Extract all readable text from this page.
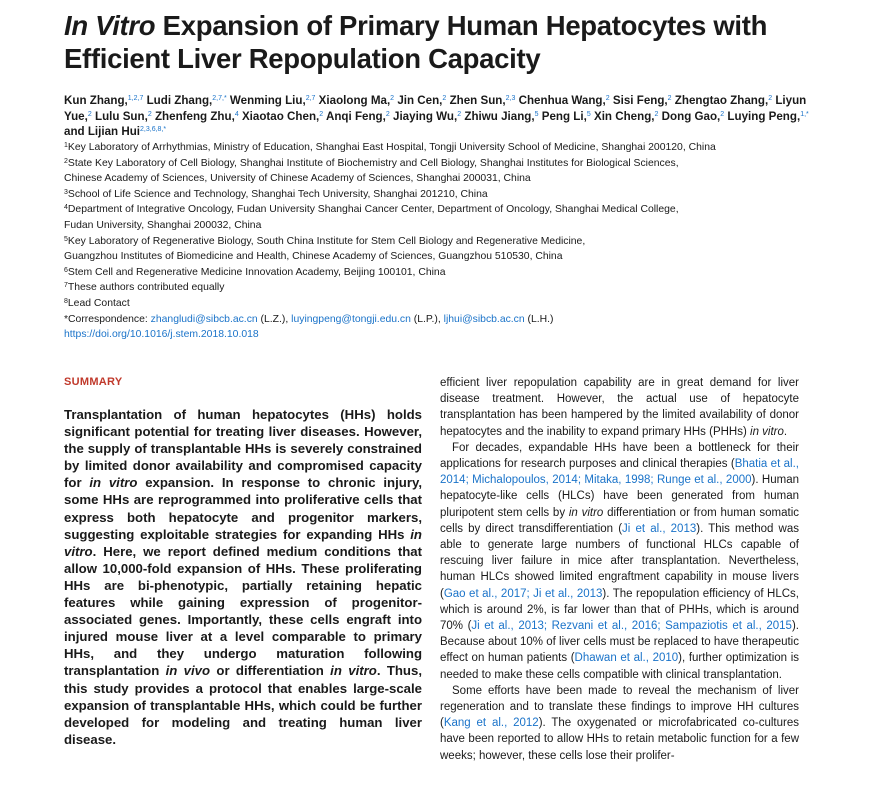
In Vitro Expansion of Primary Human Hepatocytes with Efficient Liver Repopulation Capacity
Kun Zhang,$^{1,2,7}$ Ludi Zhang,$^{2,7,*}$ Wenming Liu,$^{2,7}$ Xiaolong Ma,$^2$ Jin Cen,$^2$ Zhen Sun,$^{2,3}$ Chenhua Wang,$^2$ Sisi Feng,$^2$ Zhengtao Zhang,$^2$ Liyun Yue,$^2$ Lulu Sun,$^2$ Zhenfeng Zhu,$^4$ Xiaotao Chen,$^2$ Anqi Feng,$^2$ Jiaying Wu,$^2$ Zhiwu Jiang,$^5$ Peng Li,$^5$ Xin Cheng,$^2$ Dong Gao,$^2$ Luying Peng,$^{1,*}$ and Lijian Hui$^{2,3,6,8,*}$
$^1$Key Laboratory of Arrhythmias, Ministry of Education, Shanghai East Hospital, Tongji University School of Medicine, Shanghai 200120, China
$^2$State Key Laboratory of Cell Biology, Shanghai Institute of Biochemistry and Cell Biology, Shanghai Institutes for Biological Sciences,
Chinese Academy of Sciences, University of Chinese Academy of Sciences, Shanghai 200031, China
$^3$School of Life Science and Technology, Shanghai Tech University, Shanghai 201210, China
$^4$Department of Integrative Oncology, Fudan University Shanghai Cancer Center, Department of Oncology, Shanghai Medical College,
Fudan University, Shanghai 200032, China
$^5$Key Laboratory of Regenerative Biology, South China Institute for Stem Cell Biology and Regenerative Medicine,
Guangzhou Institutes of Biomedicine and Health, Chinese Academy of Sciences, Guangzhou 510530, China
$^6$Stem Cell and Regenerative Medicine Innovation Academy, Beijing 100101, China
$^7$These authors contributed equally
$^8$Lead Contact
*Correspondence: zhangludi@sibcb.ac.cn (L.Z.), luyingpeng@tongji.edu.cn (L.P.), ljhui@sibcb.ac.cn (L.H.)
https://doi.org/10.1016/j.stem.2018.10.018
SUMMARY
Transplantation of human hepatocytes (HHs) holds significant potential for treating liver diseases. However, the supply of transplantable HHs is severely constrained by limited donor availability and compromised capacity for in vitro expansion. In response to chronic injury, some HHs are reprogrammed into proliferative cells that express both hepatocyte and progenitor markers, suggesting exploitable strategies for expanding HHs in vitro. Here, we report defined medium conditions that allow 10,000-fold expansion of HHs. These proliferating HHs are bi-phenotypic, partially retaining hepatic features while gaining expression of progenitor-associated genes. Importantly, these cells engraft into injured mouse liver at a level comparable to primary HHs, and they undergo maturation following transplantation in vivo or differentiation in vitro. Thus, this study provides a protocol that enables large-scale expansion of transplantable HHs, which could be further developed for modeling and treating human liver disease.

efficient liver repopulation capability are in great demand for liver disease treatment. However, the actual use of hepatocyte transplantation has been hampered by the limited availability of donor hepatocytes and the inability to expand primary HHs (PHHs) in vitro.

For decades, expandable HHs have been a bottleneck for their applications for research purposes and clinical therapies (Bhatia et al., 2014; Michalopoulos, 2014; Mitaka, 1998; Runge et al., 2000). Human hepatocyte-like cells (HLCs) have been generated from human pluripotent stem cells by in vitro differentiation or from human somatic cells by direct transdifferentiation (Ji et al., 2013). This method was able to generate large numbers of functional HLCs capable of rescuing liver failure in mice after transplantation. Nevertheless, human HLCs showed limited engraftment capability in mouse livers (Gao et al., 2017; Ji et al., 2013). The repopulation efficiency of HLCs, which is around 2%, is far lower than that of PHHs, which is around 70% (Ji et al., 2013; Rezvani et al., 2016; Sampaziotis et al., 2015). Because about 10% of liver cells must be replaced to have therapeutic effect on human patients (Dhawan et al., 2010), further optimization is needed to make these cells compatible with clinical transplantation.

Some efforts have been made to reveal the mechanism of liver regeneration and to translate these findings to improve HH cultures (Kang et al., 2012). The oxygenated or microfabricated co-cultures have been reported to allow HHs to retain metabolic function for a few weeks; however, these cells lose their prolifer-
